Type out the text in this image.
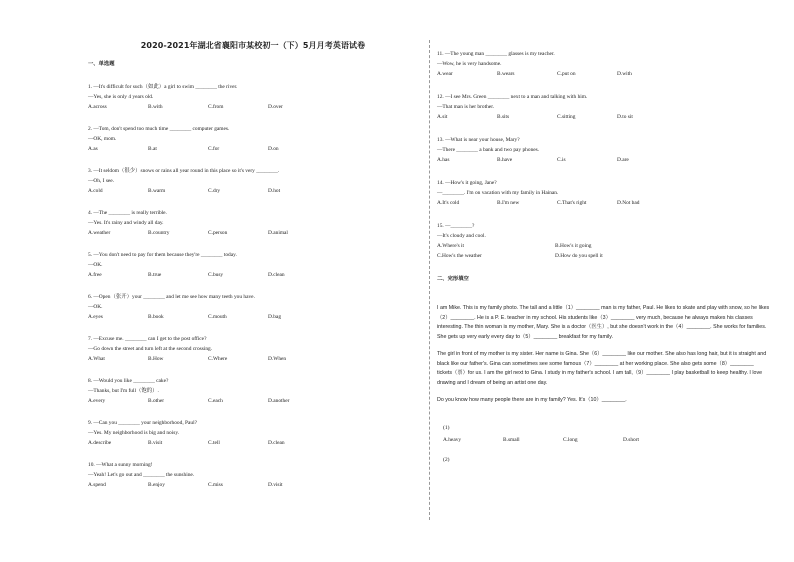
2020-2021年湖北省襄阳市某校初一（下）5月月考英语试卷
一、单选题

1. —It's difficult for such（如此）a girl to swim ________ the river.
—Yes, she is only 4 years old.

A.across	B.with	C.from	D.over

2. —Tom, don't spend too much time ________ computer games.
—OK, mom.

A.as	B.at	C.for	D.on

3. —It seldom（很少）snows or rains all year round in this place so it's very ________.
—Oh, I see.

A.cold	B.warm	C.dry	D.hot

4. —The ________ is really terrible.
—Yes. It's rainy and windy all day.

A.weather	B.country	C.person	D.animal

5. —You don't need to pay for them because they're ________ today.
—OK.

A.free	B.true	C.busy	D.clean

6. —Open（张开）your ________ and let me see how many teeth you have.
—OK.

A.eyes	B.book	C.mouth	D.bag

7. —Excuse me. ________ can I get to the post office?
—Go down the street and turn left at the second crossing.

A.What	B.How	C.Where	D.When

8. —Would you like ________ cake?
—Thanks, but I'm full（饱的）.

A.every	B.other	C.each	D.another

9. —Can you ________ your neighborhood, Paul?
—Yes. My neighborhood is big and noisy.

A.describe	B.visit	C.tell	D.clean

10. —What a sunny morning!
—Yeah! Let's go out and ________ the sunshine.

A.spend	B.enjoy	C.miss	D.visit

11. —The young man ________ glasses is my teacher.
—Wow, he is very handsome.

A.wear	B.wears	C.put on	D.with

12. —I see Mrs. Green ________ next to a man and talking with him.
—That man is her brother.

A.sit	B.sits	C.sitting	D.to sit

13. —What is near your house, Mary?
—There ________ a bank and two pay phones.

A.has	B.have	C.is	D.are

14. —How's it going, Jane?
—________. I'm on vacation with my family in Hainan.

A.It's cold	B.I'm new	C.That's right	D.Not bad

15. —________?
—It's cloudy and cool.

A.Where's it	B.How's it going
C.How's the weather	D.How do you spell it
二、完形填空

I am Mike. This is my family photo. The tall and a little（1）________ man is my father, Paul. He likes to skate and play with snow, so he likes（2）________. He is a P. E. teacher in my school. His students like（3）________ very much, because he always makes his classes interesting. The thin woman is my mother, Mary. She is a doctor（医生）, but she doesn't work in the（4）________. She works for families. She gets up very early every day to（5）________ breakfast for my family.

The girl in front of my mother is my sister. Her name is Gina. She（6）________ like our mother. She also has long hair, but it is straight and black like our father's. Gina can sometimes see some famous（7）________ at her working place. She also gets some（8）________ tickets（票）for us. I am the girl next to Gina. I study in my father's school. I am tall,（9）________ I play basketball to keep healthy. I love drawing and I dream of being an artist one day.

Do you know how many people there are in my family? Yes. It's（10）________.

(1)
A.heavy	B.small	C.long	D.short
(2)
